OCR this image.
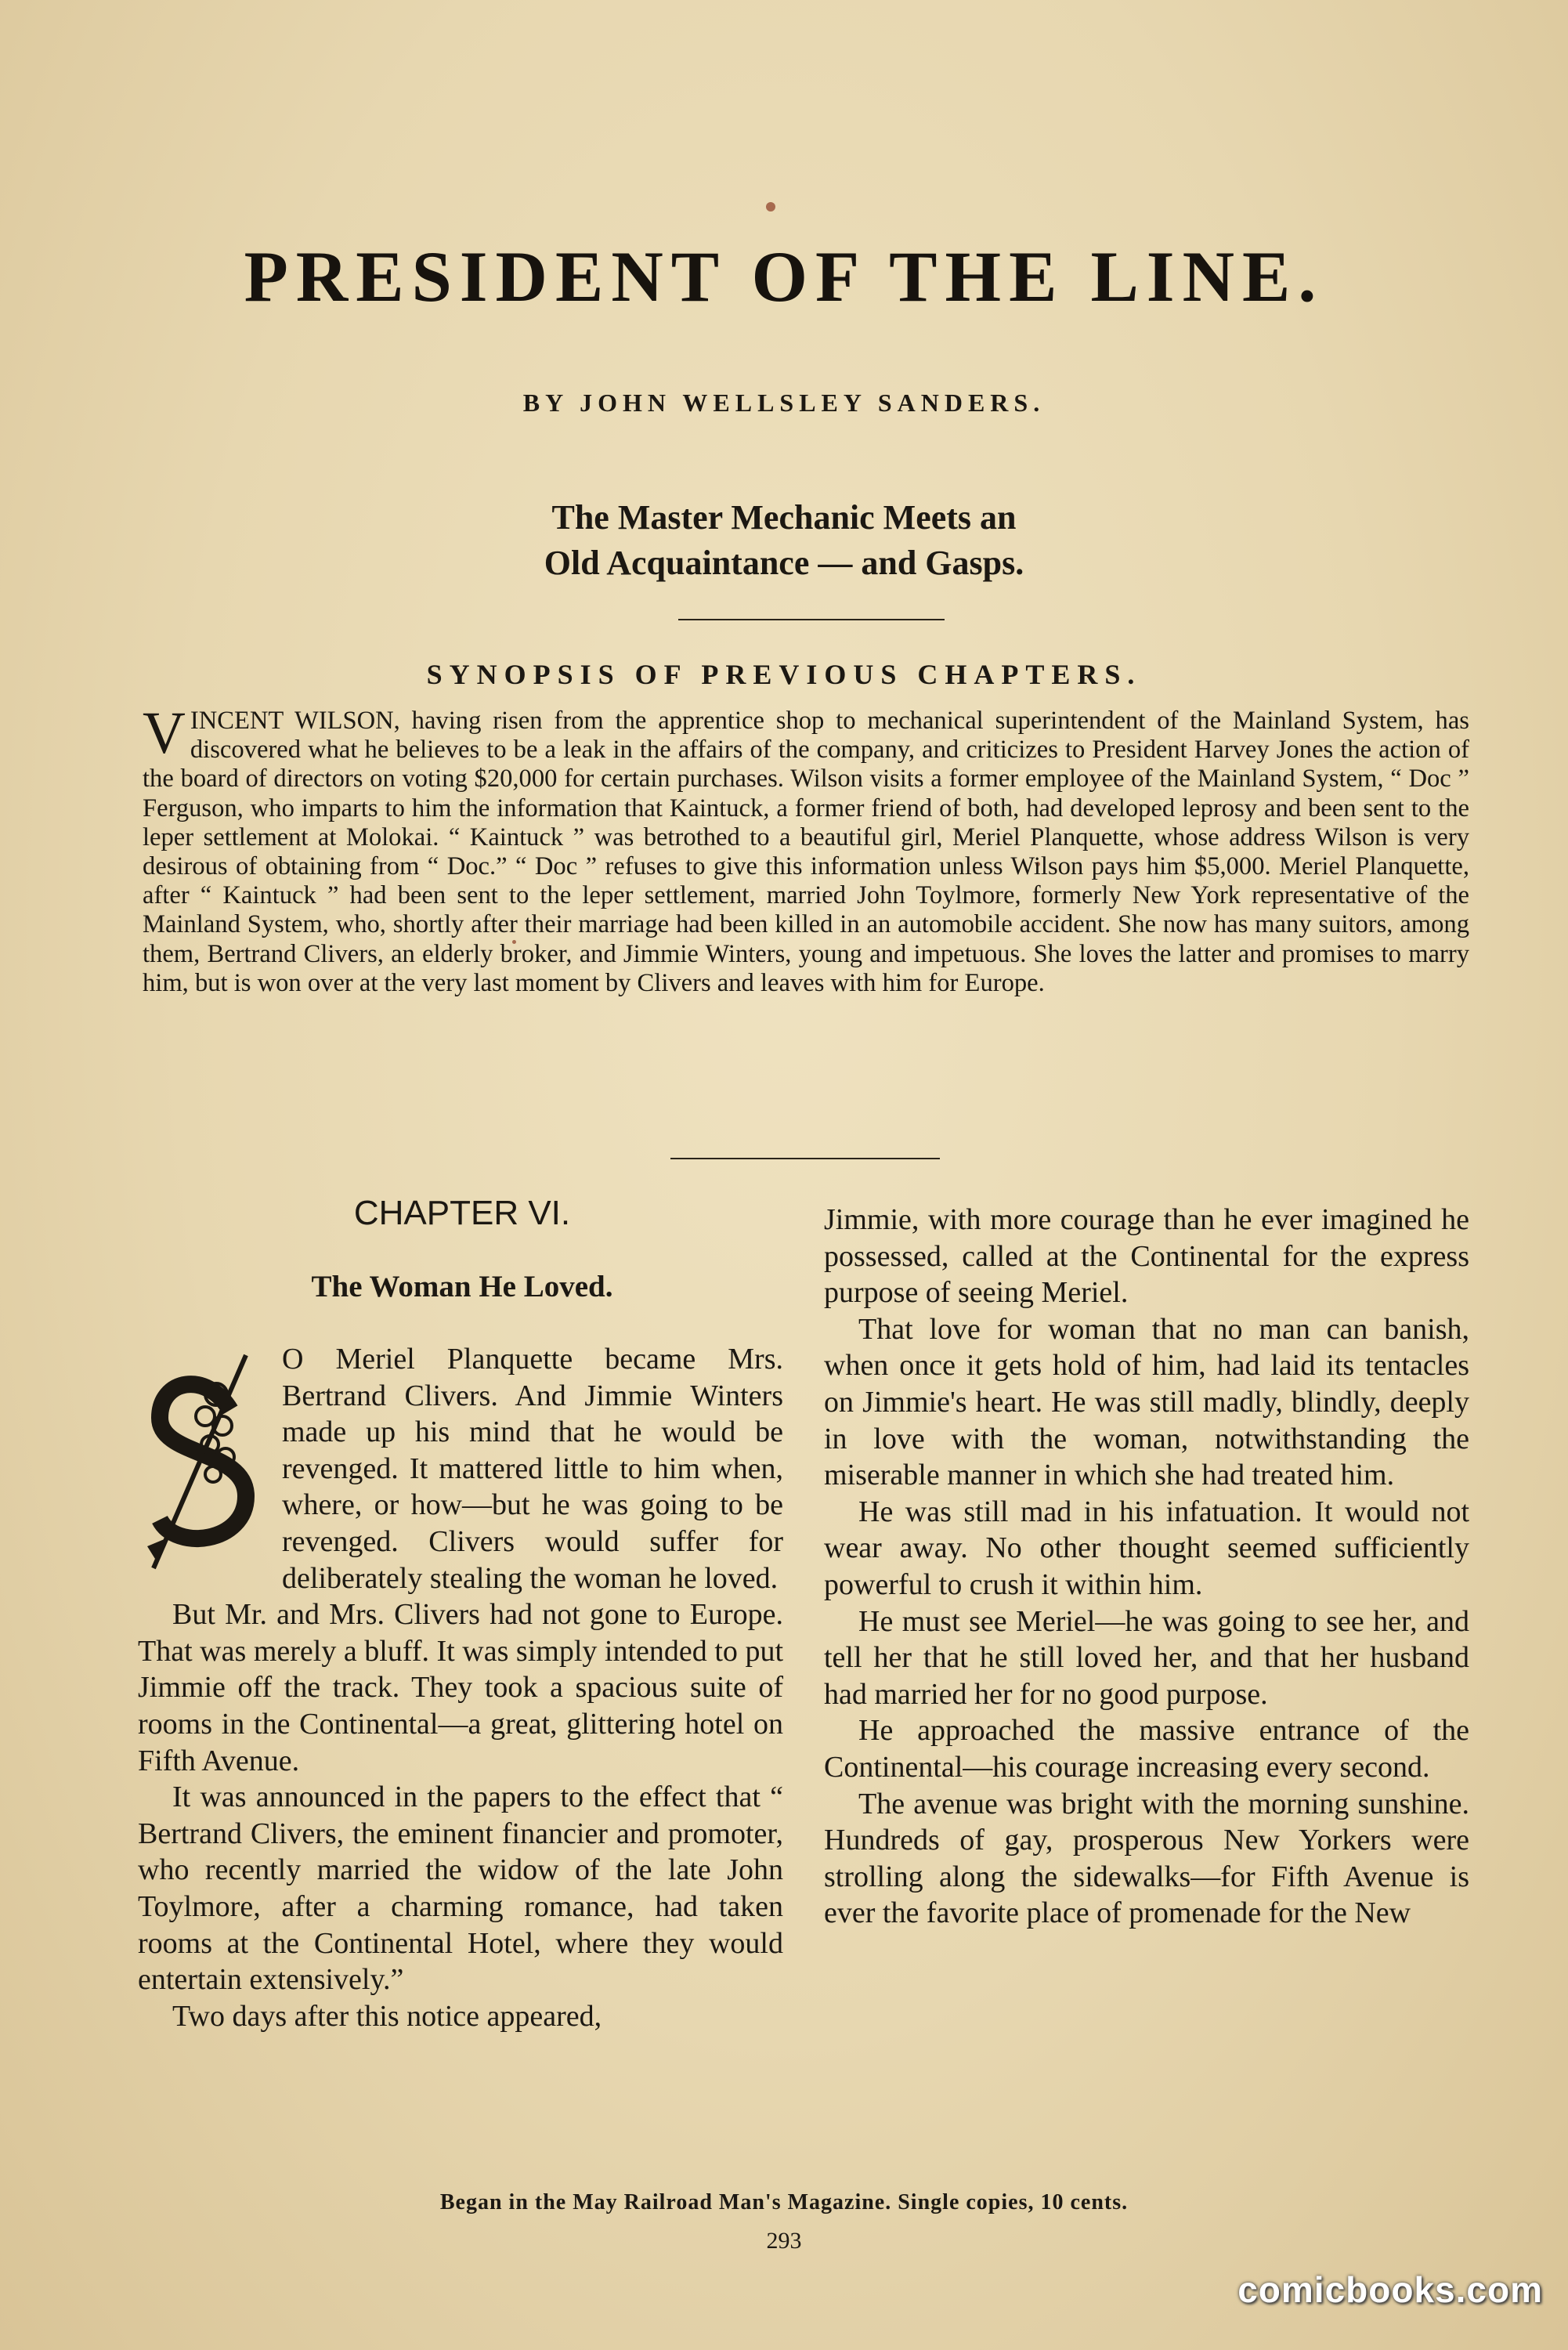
PRESIDENT OF THE LINE.
BY JOHN WELLSLEY SANDERS.
The Master Mechanic Meets an
Old Acquaintance — and Gasps.
SYNOPSIS OF PREVIOUS CHAPTERS.
VINCENT WILSON, having risen from the apprentice shop to mechanical superintendent of the Mainland System, has discovered what he believes to be a leak in the affairs of the company, and criticizes to President Harvey Jones the action of the board of directors on voting $20,000 for certain purchases. Wilson visits a former employee of the Mainland System, “ Doc ” Ferguson, who imparts to him the information that Kaintuck, a former friend of both, had developed leprosy and been sent to the leper settlement at Molokai. “ Kaintuck ” was betrothed to a beautiful girl, Meriel Planquette, whose address Wilson is very desirous of obtaining from “ Doc.” “ Doc ” refuses to give this information unless Wilson pays him $5,000. Meriel Planquette, after “ Kaintuck ” had been sent to the leper settlement, married John Toylmore, formerly New York representative of the Mainland System, who, shortly after their marriage had been killed in an automobile accident. She now has many suitors, among them, Bertrand Clivers, an elderly broker, and Jimmie Winters, young and impetuous. She loves the latter and promises to marry him, but is won over at the very last moment by Clivers and leaves with him for Europe.
CHAPTER VI.
The Woman He Loved.
S

O Meriel Planquette became Mrs. Bertrand Clivers. And Jimmie Winters made up his mind that he would be revenged. It mattered little to him when, where, or how—but he was going to be revenged. Clivers would suffer for deliberately stealing the woman he loved.

But Mr. and Mrs. Clivers had not gone to Europe. That was merely a bluff. It was simply intended to put Jimmie off the track. They took a spacious suite of rooms in the Continental—a great, glittering hotel on Fifth Avenue.

It was announced in the papers to the effect that “ Bertrand Clivers, the eminent financier and promoter, who recently married the widow of the late John Toylmore, after a charming romance, had taken rooms at the Continental Hotel, where they would entertain extensively.”

Two days after this notice appeared,

Jimmie, with more courage than he ever imagined he possessed, called at the Continental for the express purpose of seeing Meriel.

That love for woman that no man can banish, when once it gets hold of him, had laid its tentacles on Jimmie's heart. He was still madly, blindly, deeply in love with the woman, notwithstanding the miserable manner in which she had treated him.

He was still mad in his infatuation. It would not wear away. No other thought seemed sufficiently powerful to crush it within him.

He must see Meriel—he was going to see her, and tell her that he still loved her, and that her husband had married her for no good purpose.

He approached the massive entrance of the Continental—his courage increasing every second.

The avenue was bright with the morning sunshine. Hundreds of gay, prosperous New Yorkers were strolling along the sidewalks—for Fifth Avenue is ever the favorite place of promenade for the New

Began in the May Railroad Man's Magazine. Single copies, 10 cents.
293
comicbooks.com
